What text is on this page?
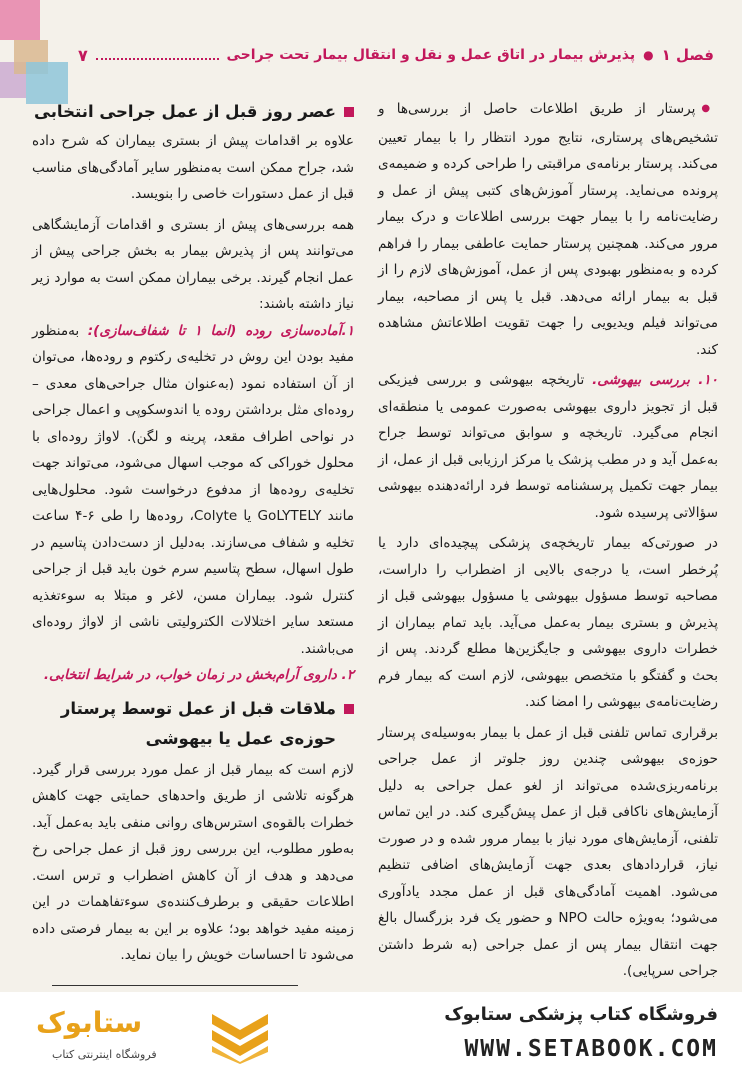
فصل ۱
●
پذیرش بیمار در اتاق عمل و نقل و انتقال بیمار تحت جراحی
۷

● پرستار از طریق اطلاعات حاصل از بررسی‌ها و تشخیص‌های پرستاری، نتایج مورد انتظار را با بیمار تعیین می‌کند. پرستار برنامه‌ی مراقبتی را طراحی کرده و ضمیمه‌ی پرونده می‌نماید. پرستار آموزش‌های کتبی پیش از عمل و رضایت‌نامه را با بیمار جهت بررسی اطلاعات و درک بیمار مرور می‌کند. همچنین پرستار حمایت عاطفی بیمار را فراهم کرده و به‌منظور بهبودی پس از عمل، آموزش‌های لازم را از قبل به بیمار ارائه می‌دهد. قبل یا پس از مصاحبه، بیمار می‌تواند فیلم ویدیویی را جهت تقویت اطلاعاتش مشاهده کند.

۱۰. بررسی بیهوشی. تاریخچه بیهوشی و بررسی فیزیکی قبل از تجویز داروی بیهوشی به‌صورت عمومی یا منطقه‌ای انجام می‌گیرد. تاریخچه و سوابق می‌تواند توسط جراح به‌عمل آید و در مطب پزشک یا مرکز ارزیابی قبل از عمل، از بیمار جهت تکمیل پرسشنامه توسط فرد ارائه‌دهنده بیهوشی سؤالاتی پرسیده شود.

در صورتی‌که بیمار تاریخچه‌ی پزشکی پیچیده‌ای دارد یا پُرخطر است، یا درجه‌ی بالایی از اضطراب را داراست، مصاحبه توسط مسؤول بیهوشی یا مسؤول بیهوشی قبل از پذیرش و بستری بیمار به‌عمل می‌آید. باید تمام بیماران از خطرات داروی بیهوشی و جایگزین‌ها مطلع گردند. پس از بحث و گفتگو با متخصص بیهوشی، لازم است که بیمار فرم رضایت‌نامه‌ی بیهوشی را امضا کند.

برقراری تماس تلفنی قبل از عمل با بیمار به‌وسیله‌ی پرستار حوزه‌ی بیهوشی چندین روز جلوتر از عمل جراحی برنامه‌ریزی‌شده می‌تواند از لغو عمل جراحی به دلیل آزمایش‌های ناکافی قبل از عمل پیش‌گیری کند. در این تماس تلفنی، آزمایش‌های مورد نیاز با بیمار مرور شده و در صورت نیاز، قراردادهای بعدی جهت آزمایش‌های اضافی تنظیم می‌شود. اهمیت آمادگی‌های قبل از عمل مجدد یادآوری می‌شود؛ به‌ویژه حالت NPO و حضور یک فرد بزرگسال بالغ جهت انتقال بیمار پس از عمل جراحی (به شرط داشتن جراحی سرپایی).

عصر روز قبل از عمل جراحی انتخابی

علاوه بر اقدامات پیش از بستری بیماران که شرح داده شد، جراح ممکن است به‌منظور سایر آمادگی‌های مناسب قبل از عمل دستورات خاصی را بنویسد.

همه بررسی‌های پیش از بستری و اقدامات آزمایشگاهی می‌توانند پس از پذیرش بیمار به بخش جراحی پیش از عمل انجام گیرند. برخی بیماران ممکن است به موارد زیر نیاز داشته باشند:

۱.آماده‌سازی روده (انما ۱ تا شفاف‌سازی): به‌منظور مفید بودن این روش در تخلیه‌ی رکتوم و روده‌ها، می‌توان از آن استفاده نمود (به‌عنوان مثال جراحی‌های معدی – روده‌ای مثل برداشتن روده یا اندوسکوپی و اعمال جراحی در نواحی اطراف مقعد، پرینه و لگن). لاواژ روده‌ای با محلول خوراکی که موجب اسهال می‌شود، می‌تواند جهت تخلیه‌ی روده‌ها از مدفوع درخواست شود. محلول‌هایی مانند GoLYTELY یا Colyte، روده‌ها را طی ۶-۴ ساعت تخلیه و شفاف می‌سازند. به‌دلیل از دست‌دادن پتاسیم در طول اسهال، سطح پتاسیم سرم خون باید قبل از جراحی کنترل شود. بیماران مسن، لاغر و مبتلا به سوءتغذیه مستعد سایر اختلالات الکترولیتی ناشی از لاواژ روده‌ای می‌باشند.

۲. داروی آرام‌بخش در زمان خواب، در شرایط انتخابی.

ملاقات قبل از عمل توسط پرستار
حوزه‌ی عمل یا بیهوشی

لازم است که بیمار قبل از عمل مورد بررسی قرار گیرد. هرگونه تلاشی از طریق واحدهای حمایتی جهت کاهش خطرات بالقوه‌ی استرس‌های روانی منفی باید به‌عمل آید. به‌طور مطلوب، این بررسی روز قبل از عمل جراحی رخ می‌دهد و هدف از آن کاهش اضطراب و ترس است. اطلاعات حقیقی و برطرف‌کننده‌ی سوءتفاهمات در این زمینه مفید خواهد بود؛ علاوه بر این به بیمار فرصتی داده می‌شود تا احساسات خویش را بیان نماید.

ستابوک
فروشگاه اینترنتی کتاب
فروشگاه کتاب پزشکی ستابوک
WWW.SETABOOK.COM
